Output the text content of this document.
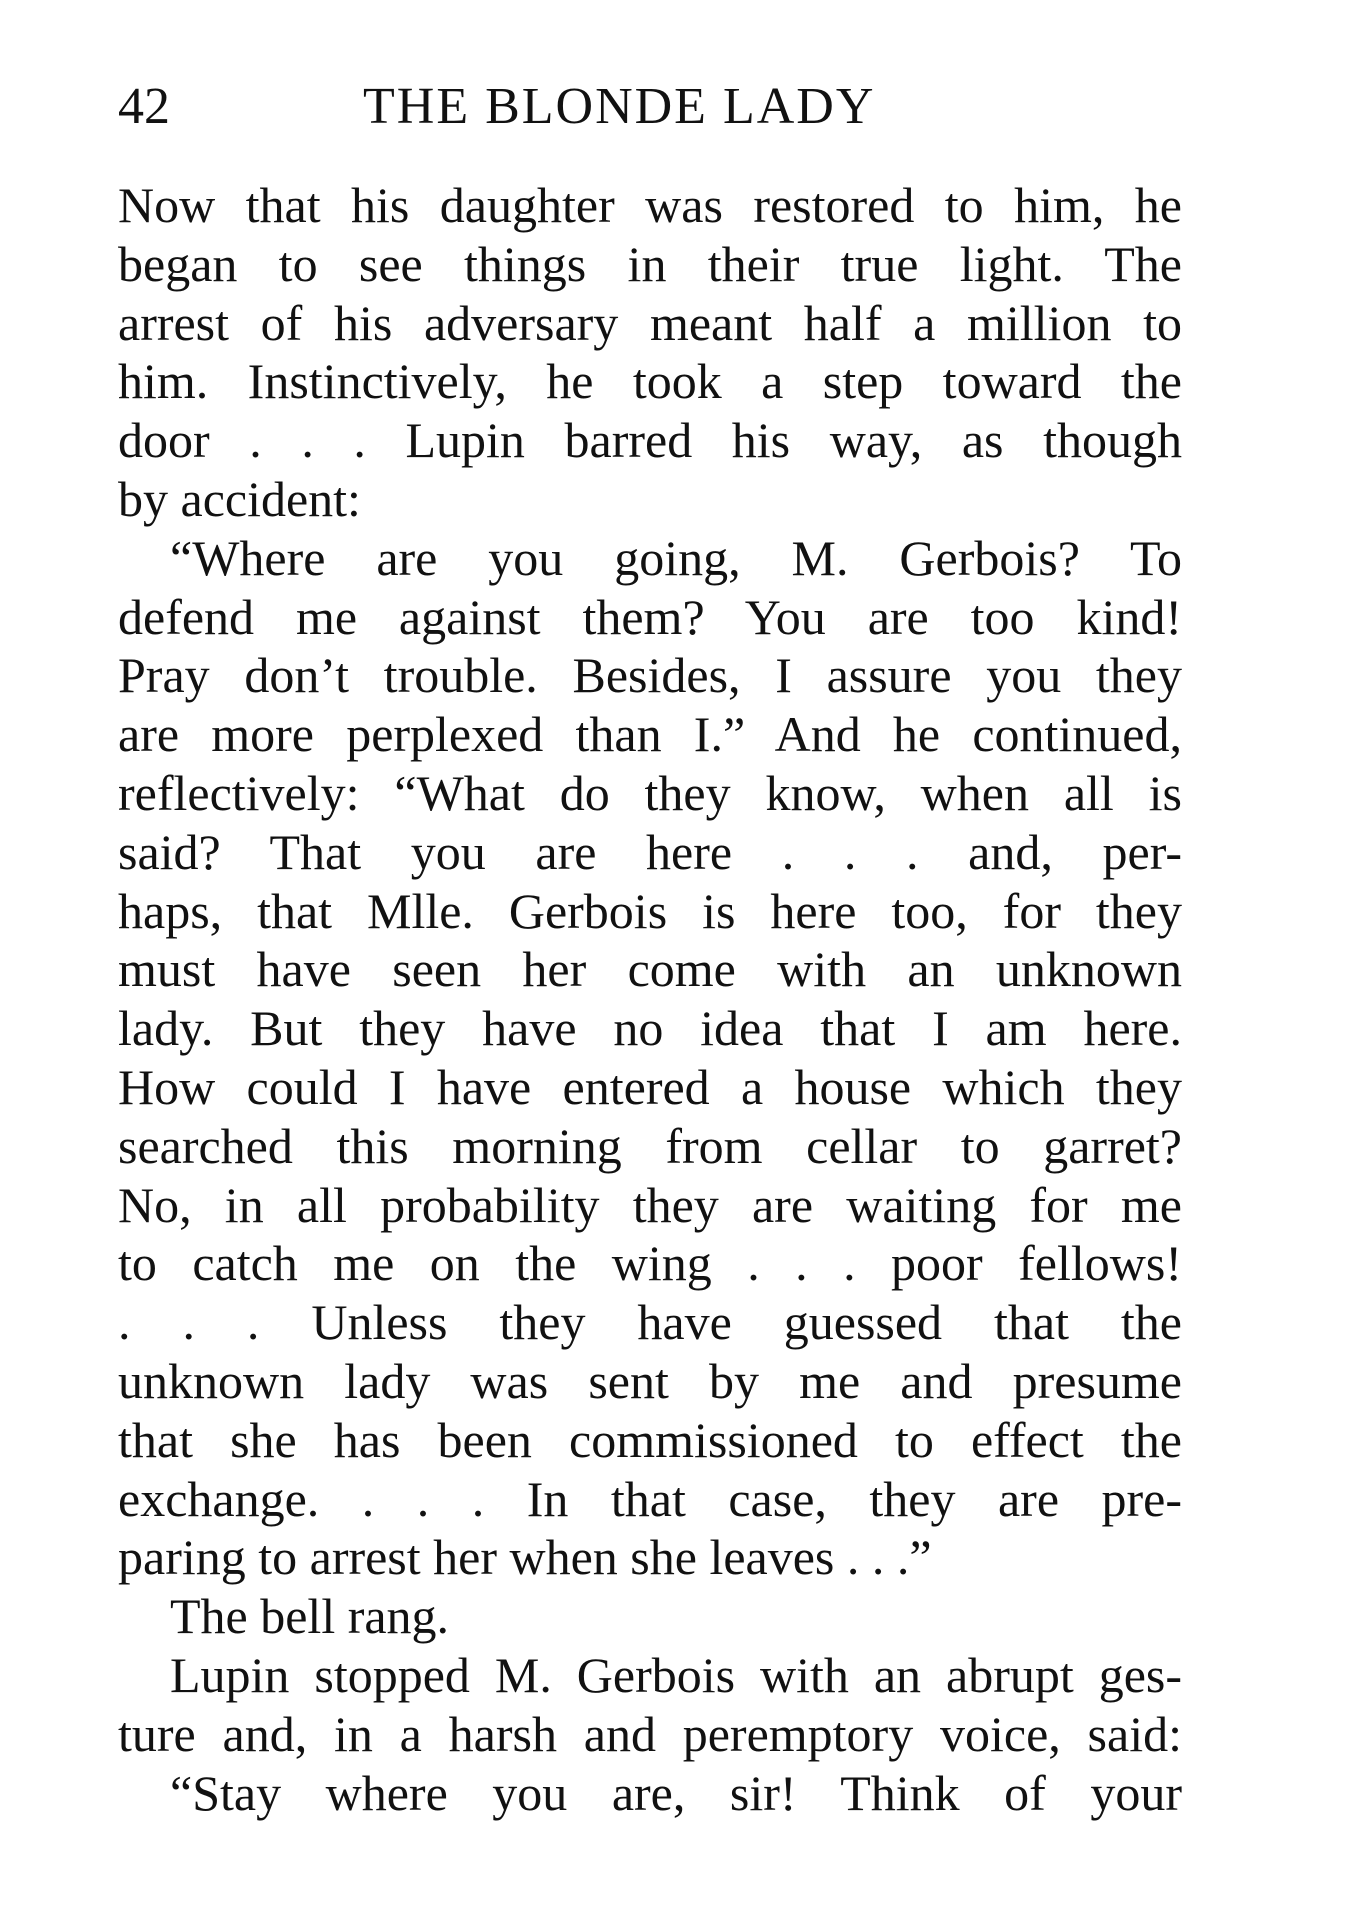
42	THE BLONDE LADY
Now that his daughter was restored to him, he
began to see things in their true light. The
arrest of his adversary meant half a million to
him. Instinctively, he took a step toward the
door . . . Lupin barred his way, as though
by accident:
“Where are you going, M. Gerbois? To
defend me against them? You are too kind!
Pray don’t trouble. Besides, I assure you they
are more perplexed than I.” And he continued,
reflectively: “What do they know, when all is
said? That you are here . . . and, per-
haps, that Mlle. Gerbois is here too, for they
must have seen her come with an unknown
lady. But they have no idea that I am here.
How could I have entered a house which they
searched this morning from cellar to garret?
No, in all probability they are waiting for me
to catch me on the wing . . . poor fellows!
. . . Unless they have guessed that the
unknown lady was sent by me and presume
that she has been commissioned to effect the
exchange. . . . In that case, they are pre-
paring to arrest her when she leaves . . .”
The bell rang.
Lupin stopped M. Gerbois with an abrupt ges-
ture and, in a harsh and peremptory voice, said:
“Stay where you are, sir! Think of your
